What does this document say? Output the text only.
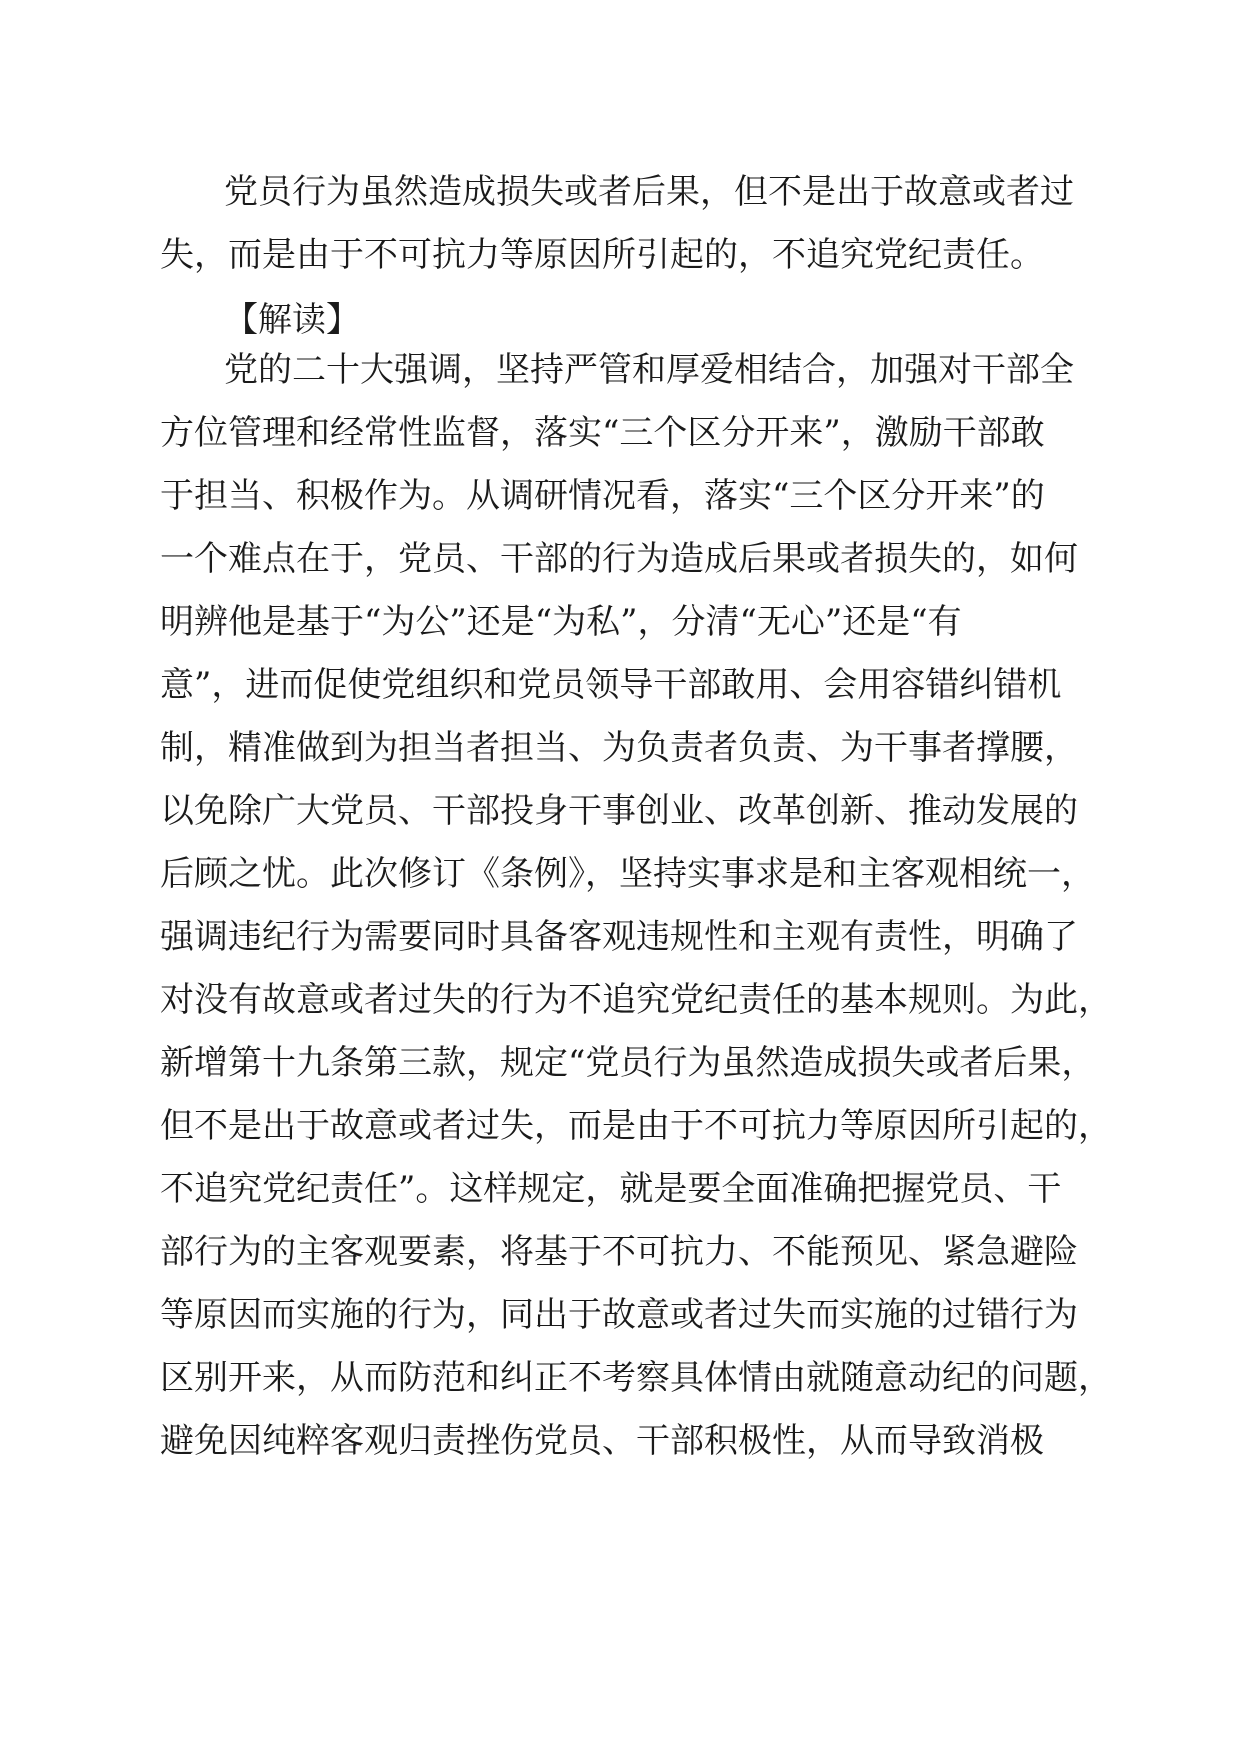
党员行为虽然造成损失或者后果，但不是出于故意或者过
失，而是由于不可抗力等原因所引起的，不追究党纪责任。
【解读】
党的二十大强调，坚持严管和厚爱相结合，加强对干部全
方位管理和经常性监督，落实“三个区分开来”，激励干部敢
于担当、积极作为。从调研情况看，落实“三个区分开来”的
一个难点在于，党员、干部的行为造成后果或者损失的，如何
明辨他是基于“为公”还是“为私”，分清“无心”还是“有
意”，进而促使党组织和党员领导干部敢用、会用容错纠错机
制，精准做到为担当者担当、为负责者负责、为干事者撑腰，
以免除广大党员、干部投身干事创业、改革创新、推动发展的
后顾之忧。此次修订《条例》，坚持实事求是和主客观相统一，
强调违纪行为需要同时具备客观违规性和主观有责性，明确了
对没有故意或者过失的行为不追究党纪责任的基本规则。为此，
新增第十九条第三款，规定“党员行为虽然造成损失或者后果，
但不是出于故意或者过失，而是由于不可抗力等原因所引起的，
不追究党纪责任”。这样规定，就是要全面准确把握党员、干
部行为的主客观要素，将基于不可抗力、不能预见、紧急避险
等原因而实施的行为，同出于故意或者过失而实施的过错行为
区别开来，从而防范和纠正不考察具体情由就随意动纪的问题，
避免因纯粹客观归责挫伤党员、干部积极性，从而导致消极
